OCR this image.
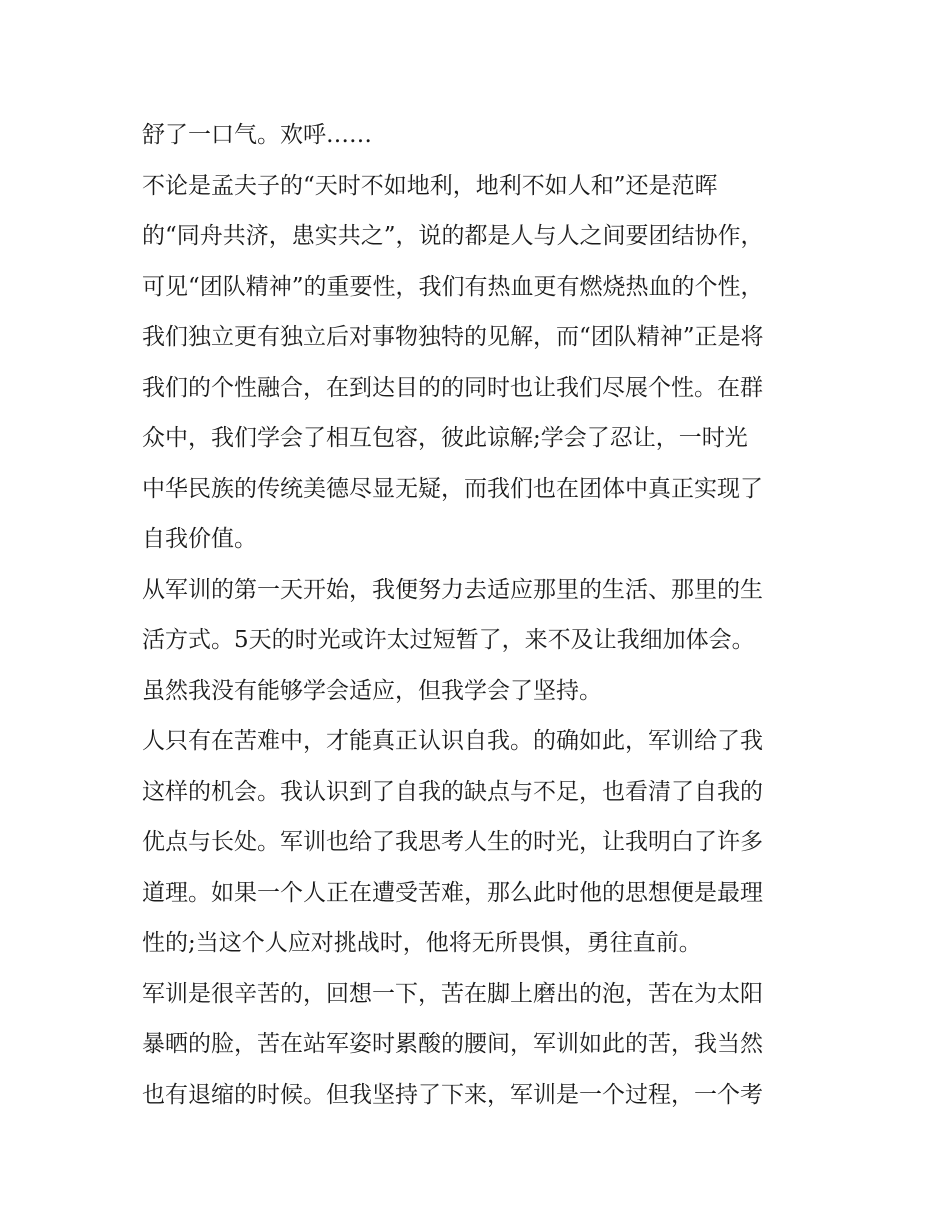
舒了一口气。欢呼……
不论是孟夫子的“天时不如地利，地利不如人和”还是范晖
的“同舟共济，患实共之”，说的都是人与人之间要团结协作，
可见“团队精神”的重要性，我们有热血更有燃烧热血的个性，
我们独立更有独立后对事物独特的见解，而“团队精神”正是将
我们的个性融合，在到达目的的同时也让我们尽展个性。在群
众中，我们学会了相互包容，彼此谅解;学会了忍让，一时光
中华民族的传统美德尽显无疑，而我们也在团体中真正实现了
自我价值。
从军训的第一天开始，我便努力去适应那里的生活、那里的生
活方式。5天的时光或许太过短暂了，来不及让我细加体会。
虽然我没有能够学会适应，但我学会了坚持。
人只有在苦难中，才能真正认识自我。的确如此，军训给了我
这样的机会。我认识到了自我的缺点与不足，也看清了自我的
优点与长处。军训也给了我思考人生的时光，让我明白了许多
道理。如果一个人正在遭受苦难，那么此时他的思想便是最理
性的;当这个人应对挑战时，他将无所畏惧，勇往直前。
军训是很辛苦的，回想一下，苦在脚上磨出的泡，苦在为太阳
暴晒的脸，苦在站军姿时累酸的腰间，军训如此的苦，我当然
也有退缩的时候。但我坚持了下来，军训是一个过程，一个考
